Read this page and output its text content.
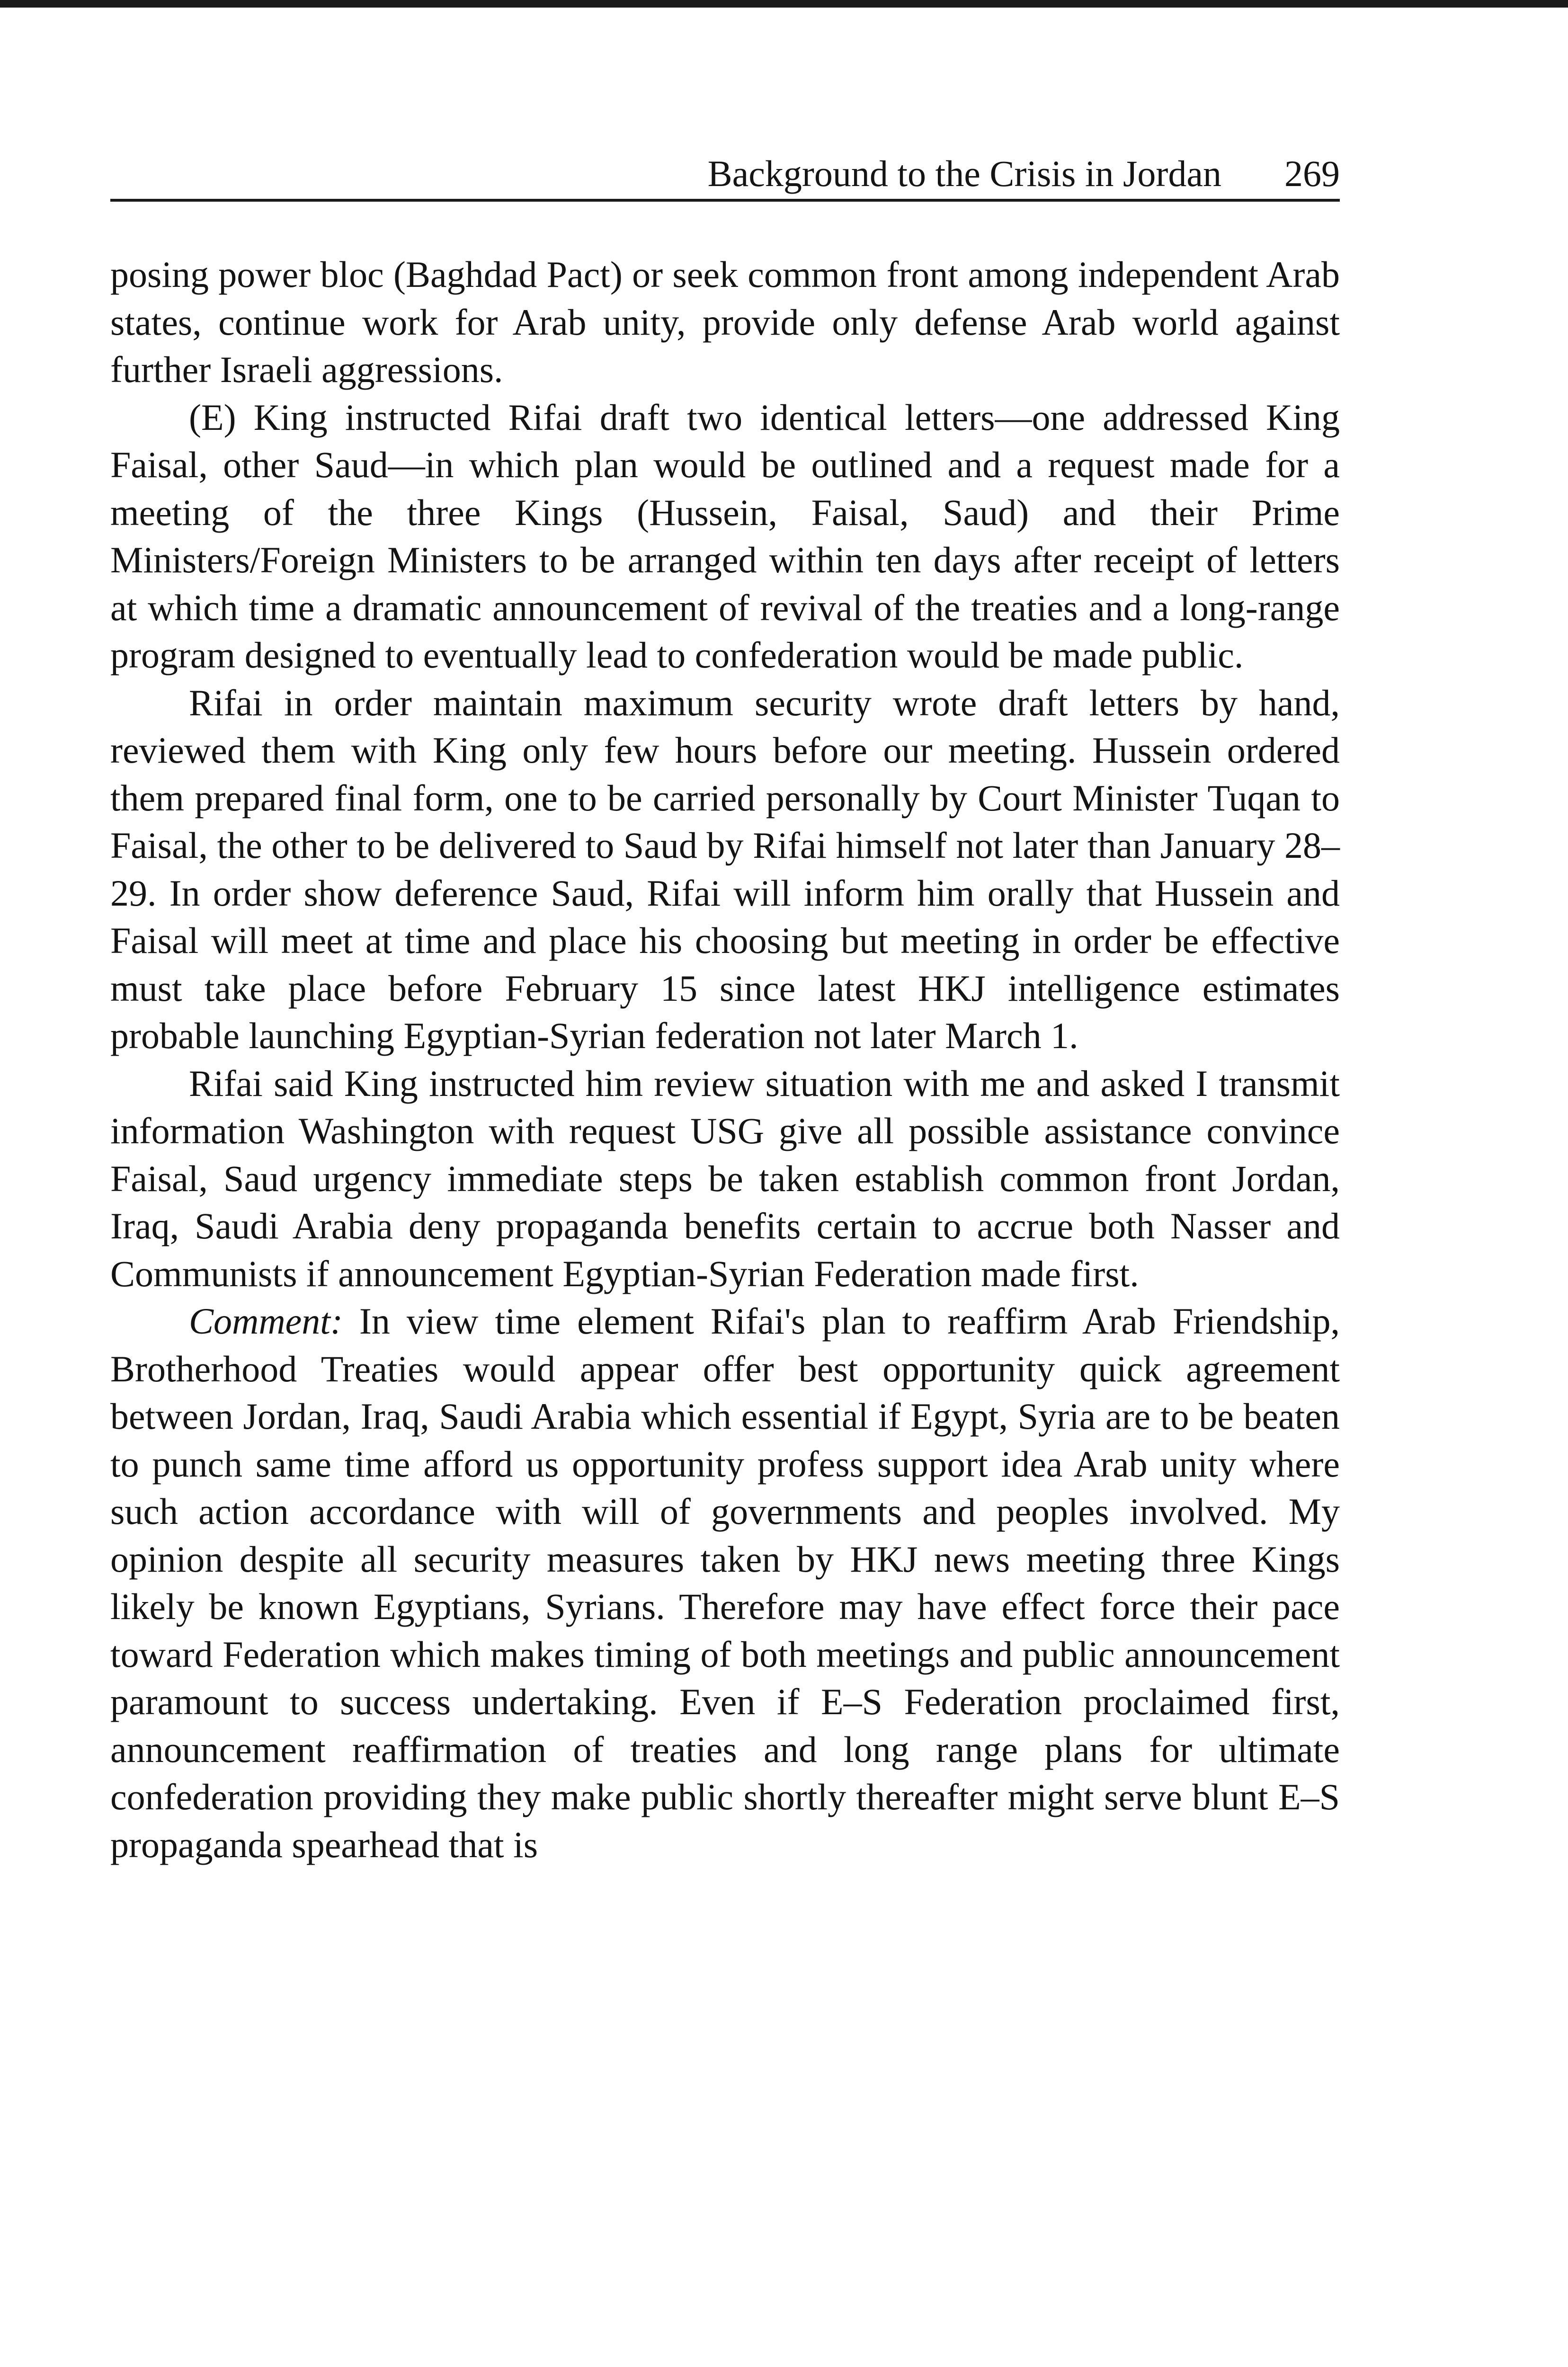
Background to the Crisis in Jordan 269

posing power bloc (Baghdad Pact) or seek common front among independent Arab states, continue work for Arab unity, provide only defense Arab world against further Israeli aggressions.

(E) King instructed Rifai draft two identical letters—one addressed King Faisal, other Saud—in which plan would be outlined and a request made for a meeting of the three Kings (Hussein, Faisal, Saud) and their Prime Ministers/Foreign Ministers to be arranged within ten days after receipt of letters at which time a dramatic announcement of revival of the treaties and a long-range program designed to eventually lead to confederation would be made public.

Rifai in order maintain maximum security wrote draft letters by hand, reviewed them with King only few hours before our meeting. Hussein ordered them prepared final form, one to be carried personally by Court Minister Tuqan to Faisal, the other to be delivered to Saud by Rifai himself not later than January 28–29. In order show deference Saud, Rifai will inform him orally that Hussein and Faisal will meet at time and place his choosing but meeting in order be effective must take place before February 15 since latest HKJ intelligence estimates probable launching Egyptian-Syrian federation not later March 1.

Rifai said King instructed him review situation with me and asked I transmit information Washington with request USG give all possible assistance convince Faisal, Saud urgency immediate steps be taken establish common front Jordan, Iraq, Saudi Arabia deny propaganda benefits certain to accrue both Nasser and Communists if announcement Egyptian-Syrian Federation made first.

Comment: In view time element Rifai's plan to reaffirm Arab Friendship, Brotherhood Treaties would appear offer best opportunity quick agreement between Jordan, Iraq, Saudi Arabia which essential if Egypt, Syria are to be beaten to punch same time afford us opportunity profess support idea Arab unity where such action accordance with will of governments and peoples involved. My opinion despite all security measures taken by HKJ news meeting three Kings likely be known Egyptians, Syrians. Therefore may have effect force their pace toward Federation which makes timing of both meetings and public announcement paramount to success undertaking. Even if E–S Federation proclaimed first, announcement reaffirmation of treaties and long range plans for ultimate confederation providing they make public shortly thereafter might serve blunt E–S propaganda spearhead that is
